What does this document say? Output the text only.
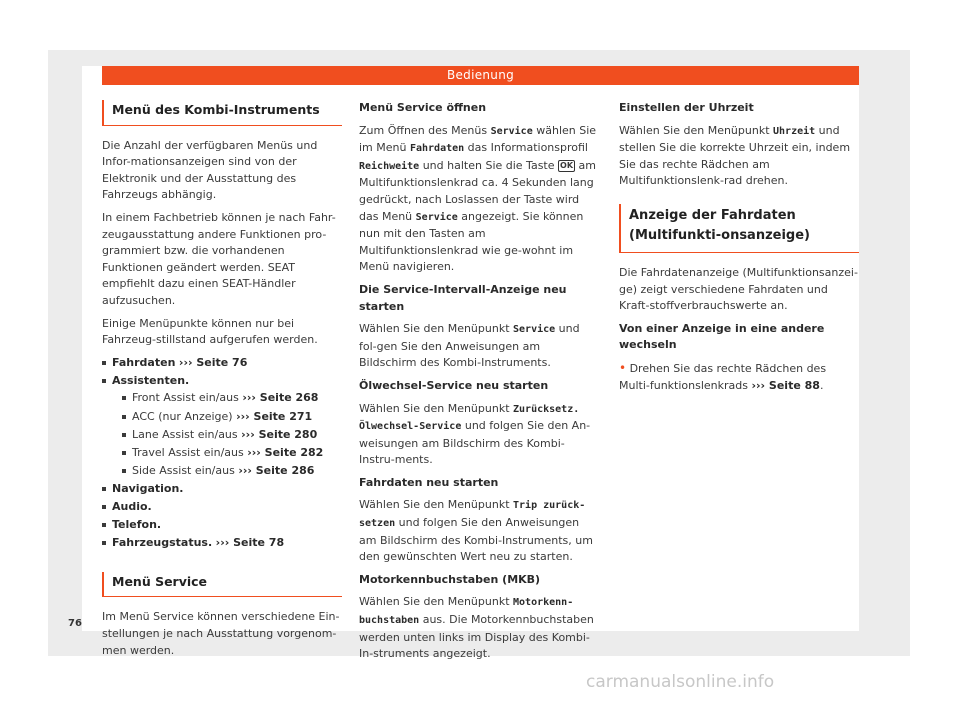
Bedienung
Menü des Kombi-Instruments

Die Anzahl der verfügbaren Menüs und Infor-mationsanzeigen sind von der Elektronik und der Ausstattung des Fahrzeugs abhängig.

In einem Fachbetrieb können je nach Fahr-zeugausstattung andere Funktionen pro-grammiert bzw. die vorhandenen Funktionen geändert werden. SEAT empfiehlt dazu einen SEAT-Händler aufzusuchen.

Einige Menüpunkte können nur bei Fahrzeug-stillstand aufgerufen werden.

Fahrdaten ››› Seite 76
Assistenten.
Front Assist ein/aus ››› Seite 268
ACC (nur Anzeige) ››› Seite 271
Lane Assist ein/aus ››› Seite 280
Travel Assist ein/aus ››› Seite 282
Side Assist ein/aus ››› Seite 286
Navigation.
Audio.
Telefon.
Fahrzeugstatus. ››› Seite 78
Menü Service

Im Menü Service können verschiedene Ein-stellungen je nach Ausstattung vorgenom-men werden.

Menü Service öffnen

Zum Öffnen des Menüs Service wählen Sie im Menü Fahrdaten das Informationsprofil Reichweite und halten Sie die Taste OK am Multifunktionslenkrad ca. 4 Sekunden lang gedrückt, nach Loslassen der Taste wird das Menü Service angezeigt. Sie können nun mit den Tasten am Multifunktionslenkrad wie ge-wohnt im Menü navigieren.

Die Service-Intervall-Anzeige neu starten

Wählen Sie den Menüpunkt Service und fol-gen Sie den Anweisungen am Bildschirm des Kombi-Instruments.

Ölwechsel-Service neu starten

Wählen Sie den Menüpunkt Zurücksetz. Ölwechsel-Service und folgen Sie den An-weisungen am Bildschirm des Kombi-Instru-ments.

Fahrdaten neu starten

Wählen Sie den Menüpunkt Trip zurück-setzen und folgen Sie den Anweisungen am Bildschirm des Kombi-Instruments, um den gewünschten Wert neu zu starten.

Motorkennbuchstaben (MKB)

Wählen Sie den Menüpunkt Motorkenn-buchstaben aus. Die Motorkennbuchstaben werden unten links im Display des Kombi-In-struments angezeigt.

Einstellen der Uhrzeit

Wählen Sie den Menüpunkt Uhrzeit und stellen Sie die korrekte Uhrzeit ein, indem Sie das rechte Rädchen am Multifunktionslenk-rad drehen.

Anzeige der Fahrdaten (Multifunkti-onsanzeige)

Die Fahrdatenanzeige (Multifunktionsanzei-ge) zeigt verschiedene Fahrdaten und Kraft-stoffverbrauchswerte an.

Von einer Anzeige in eine andere wechseln

• Drehen Sie das rechte Rädchen des Multi-funktionslenkrads ››› Seite 88.

76
carmanualsonline.info
